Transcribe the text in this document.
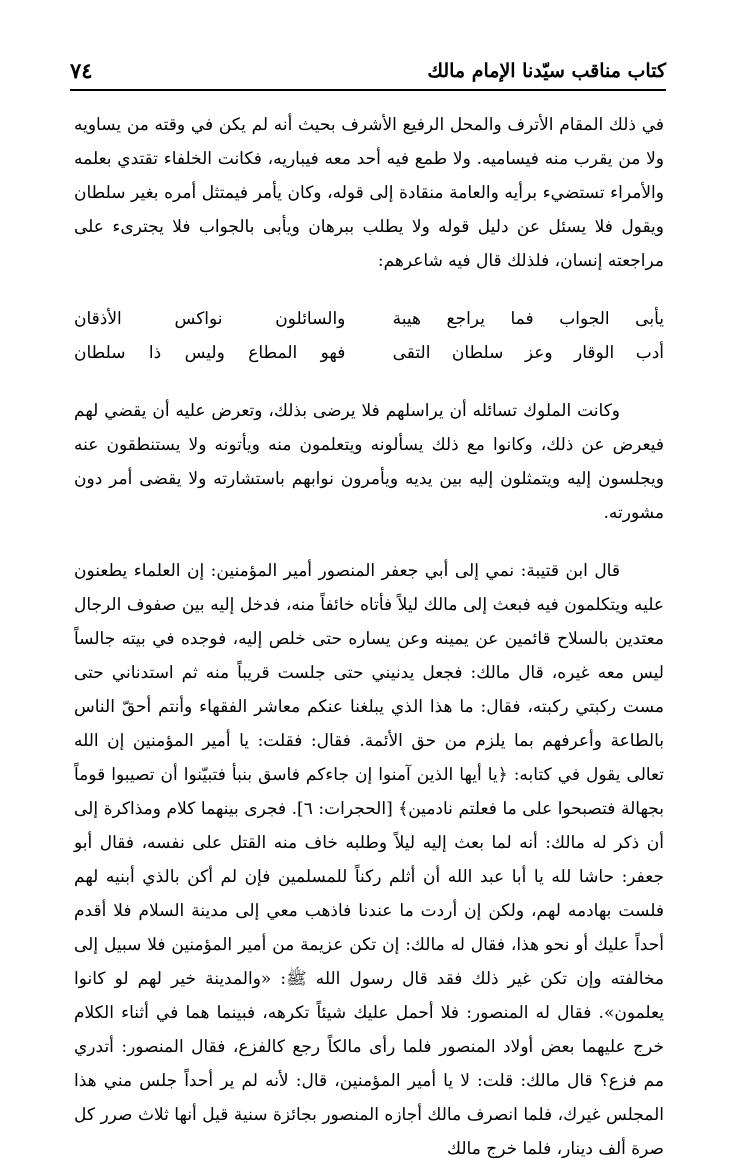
كتاب مناقب سيّدنا الإمام مالك
٧٤

في ذلك المقام الأترف والمحل الرفيع الأشرف بحيث أنه لم يكن في وقته من يساويه ولا من يقرب منه فيساميه. ولا طمع فيه أحد معه فيباريه، فكانت الخلفاء تقتدي بعلمه والأمراء تستضيء برأيه والعامة منقادة إلى قوله، وكان يأمر فيمتثل أمره بغير سلطان ويقول فلا يسئل عن دليل قوله ولا يطلب ببرهان ويأبى بالجواب فلا يجترىء على مراجعته إنسان، فلذلك قال فيه شاعرهم:

يأبى الجواب فما يراجع هيبة
والسائلون نواكس الأذقان
أدب الوقار وعز سلطان التقى
فهو المطاع وليس ذا سلطان

وكانت الملوك تسائله أن يراسلهم فلا يرضى بذلك، وتعرض عليه أن يقضي لهم فيعرض عن ذلك، وكانوا مع ذلك يسألونه ويتعلمون منه ويأتونه ولا يستنطقون عنه ويجلسون إليه ويتمثلون إليه بين يديه ويأمرون نوابهم باستشارته ولا يقضى أمر دون مشورته.

قال ابن قتيبة: نمي إلى أبي جعفر المنصور أمير المؤمنين: إن العلماء يطعنون عليه ويتكلمون فيه فبعث إلى مالك ليلاً فأتاه خائفاً منه، فدخل إليه بين صفوف الرجال معتدين بالسلاح قائمين عن يمينه وعن يساره حتى خلص إليه، فوجده في بيته جالساً ليس معه غيره، قال مالك: فجعل يدنيني حتى جلست قريباً منه ثم استدناني حتى مست ركبتي ركبته، فقال: ما هذا الذي يبلغنا عنكم معاشر الفقهاء وأنتم أحقّ الناس بالطاعة وأعرفهم بما يلزم من حق الأئمة. فقال: فقلت: يا أمير المؤمنين إن الله تعالى يقول في كتابه: ﴿يا أيها الذين آمنوا إن جاءكم فاسق بنبأ فتبيّنوا أن تصيبوا قوماً بجهالة فتصبحوا على ما فعلتم نادمين﴾ [الحجرات: ٦]. فجرى بينهما كلام ومذاكرة إلى أن ذكر له مالك: أنه لما بعث إليه ليلاً وطلبه خاف منه القتل على نفسه، فقال أبو جعفر: حاشا لله يا أبا عبد الله أن أثلم ركناً للمسلمين فإن لم أكن بالذي أبنيه لهم فلست بهادمه لهم، ولكن إن أردت ما عندنا فاذهب معي إلى مدينة السلام فلا أقدم أحداً عليك أو نحو هذا، فقال له مالك: إن تكن عزيمة من أمير المؤمنين فلا سبيل إلى مخالفته وإن تكن غير ذلك فقد قال رسول الله ﷺ: «والمدينة خير لهم لو كانوا يعلمون». فقال له المنصور: فلا أحمل عليك شيئاً تكرهه، فبينما هما في أثناء الكلام خرج عليهما بعض أولاد المنصور فلما رأى مالكاً رجع كالفزع، فقال المنصور: أتدري مم فزع؟ قال مالك: قلت: لا يا أمير المؤمنين، قال: لأنه لم ير أحداً جلس مني هذا المجلس غيرك، فلما انصرف مالك أجازه المنصور بجائزة سنية قيل أنها ثلاث صرر كل صرة ألف دينار، فلما خرج مالك
